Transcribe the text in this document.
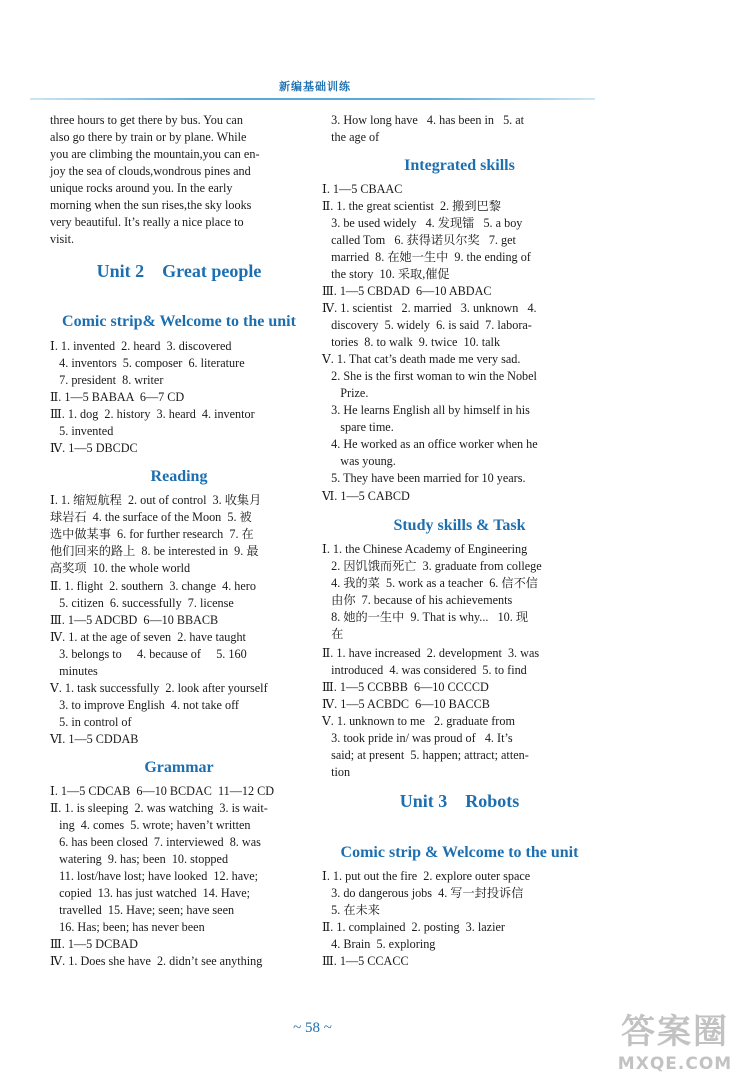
新编基础训练
three hours to get there by bus. You can
also go there by train or by plane. While
you are climbing the mountain,you can en-
joy the sea of clouds,wondrous pines and
unique rocks around you. In the early
morning when the sun rises,the sky looks
very beautiful. It’s really a nice place to
visit.
Unit 2    Great people
Comic strip& Welcome to the unit
Ⅰ. 1. invented  2. heard  3. discovered
4. inventors  5. composer  6. literature
7. president  8. writer
Ⅱ. 1—5 BABAA  6—7 CD
Ⅲ. 1. dog  2. history  3. heard  4. inventor
5. invented
Ⅳ. 1—5 DBCDC
Reading
Ⅰ. 1. 缩短航程  2. out of control  3. 收集月
球岩石  4. the surface of the Moon  5. 被
选中做某事  6. for further research  7. 在
他们回来的路上  8. be interested in  9. 最
高奖项  10. the whole world
Ⅱ. 1. flight  2. southern  3. change  4. hero
5. citizen  6. successfully  7. license
Ⅲ. 1—5 ADCBD  6—10 BBACB
Ⅳ. 1. at the age of seven  2. have taught
3. belongs to     4. because of     5. 160
minutes
Ⅴ. 1. task successfully  2. look after yourself
3. to improve English  4. not take off
5. in control of
Ⅵ. 1—5 CDDAB
Grammar
Ⅰ. 1—5 CDCAB  6—10 BCDAC  11—12 CD
Ⅱ. 1. is sleeping  2. was watching  3. is wait-
ing  4. comes  5. wrote; haven’t written
6. has been closed  7. interviewed  8. was
watering  9. has; been  10. stopped
11. lost/have lost; have looked  12. have;
copied  13. has just watched  14. Have;
travelled  15. Have; seen; have seen
16. Has; been; has never been
Ⅲ. 1—5 DCBAD
Ⅳ. 1. Does she have  2. didn’t see anything
3. How long have   4. has been in   5. at
the age of
Integrated skills
Ⅰ. 1—5 CBAAC
Ⅱ. 1. the great scientist  2. 搬到巴黎
3. be used widely   4. 发现镭   5. a boy
called Tom   6. 获得诺贝尔奖   7. get
married  8. 在她一生中  9. the ending of
the story  10. 采取,催促
Ⅲ. 1—5 CBDAD  6—10 ABDAC
Ⅳ. 1. scientist   2. married   3. unknown   4.
discovery  5. widely  6. is said  7. labora-
tories  8. to walk  9. twice  10. talk
Ⅴ. 1. That cat’s death made me very sad.
2. She is the first woman to win the Nobel
Prize.
3. He learns English all by himself in his
spare time.
4. He worked as an office worker when he
was young.
5. They have been married for 10 years.
Ⅵ. 1—5 CABCD
Study skills & Task
Ⅰ. 1. the Chinese Academy of Engineering
2. 因饥饿而死亡  3. graduate from college
4. 我的菜  5. work as a teacher  6. 信不信
由你  7. because of his achievements
8. 她的一生中  9. That is why...   10. 现
在
Ⅱ. 1. have increased  2. development  3. was
introduced  4. was considered  5. to find
Ⅲ. 1—5 CCBBB  6—10 CCCCD
Ⅳ. 1—5 ACBDC  6—10 BACCB
Ⅴ. 1. unknown to me   2. graduate from
3. took pride in/ was proud of   4. It’s
said; at present  5. happen; attract; atten-
tion
Unit 3    Robots
Comic strip & Welcome to the unit
Ⅰ. 1. put out the fire  2. explore outer space
3. do dangerous jobs  4. 写一封投诉信
5. 在未来
Ⅱ. 1. complained  2. posting  3. lazier
4. Brain  5. exploring
Ⅲ. 1—5 CCACC
~ 58 ~	答案圈
MXQE.COM
